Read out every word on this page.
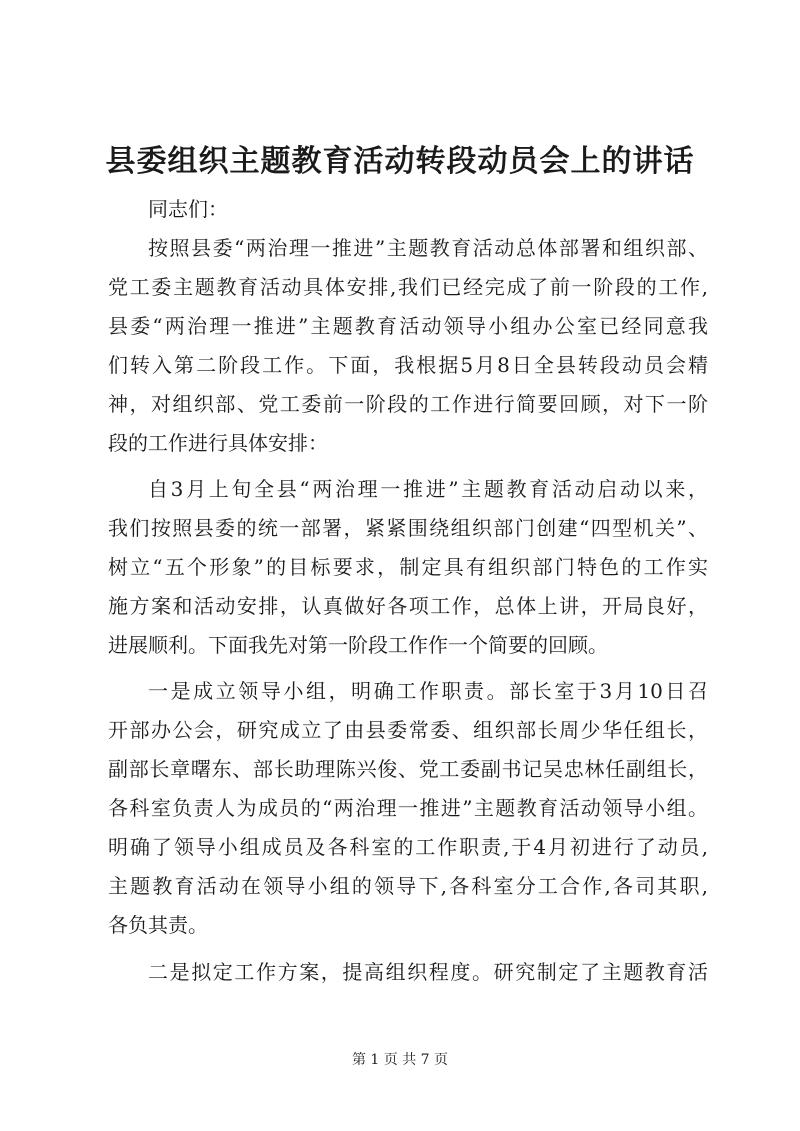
县委组织主题教育活动转段动员会上的讲话
同志们：
按照县委“两治理一推进”主题教育活动总体部署和组织部、
党工委主题教育活动具体安排,我们已经完成了前一阶段的工作,
县委“两治理一推进”主题教育活动领导小组办公室已经同意我
们转入第二阶段工作。下面，我根据5月8日全县转段动员会精
神，对组织部、党工委前一阶段的工作进行简要回顾，对下一阶
段的工作进行具体安排：
自3月上旬全县“两治理一推进”主题教育活动启动以来，
我们按照县委的统一部署，紧紧围绕组织部门创建“四型机关”、
树立“五个形象”的目标要求，制定具有组织部门特色的工作实
施方案和活动安排，认真做好各项工作，总体上讲，开局良好，
进展顺利。下面我先对第一阶段工作作一个简要的回顾。
一是成立领导小组，明确工作职责。部长室于3月10日召
开部办公会，研究成立了由县委常委、组织部长周少华任组长，
副部长章曙东、部长助理陈兴俊、党工委副书记吴忠林任副组长，
各科室负责人为成员的“两治理一推进”主题教育活动领导小组。
明确了领导小组成员及各科室的工作职责,于4月初进行了动员,
主题教育活动在领导小组的领导下,各科室分工合作,各司其职,
各负其责。
二是拟定工作方案，提高组织程度。研究制定了主题教育活
第 1 页 共 7 页
